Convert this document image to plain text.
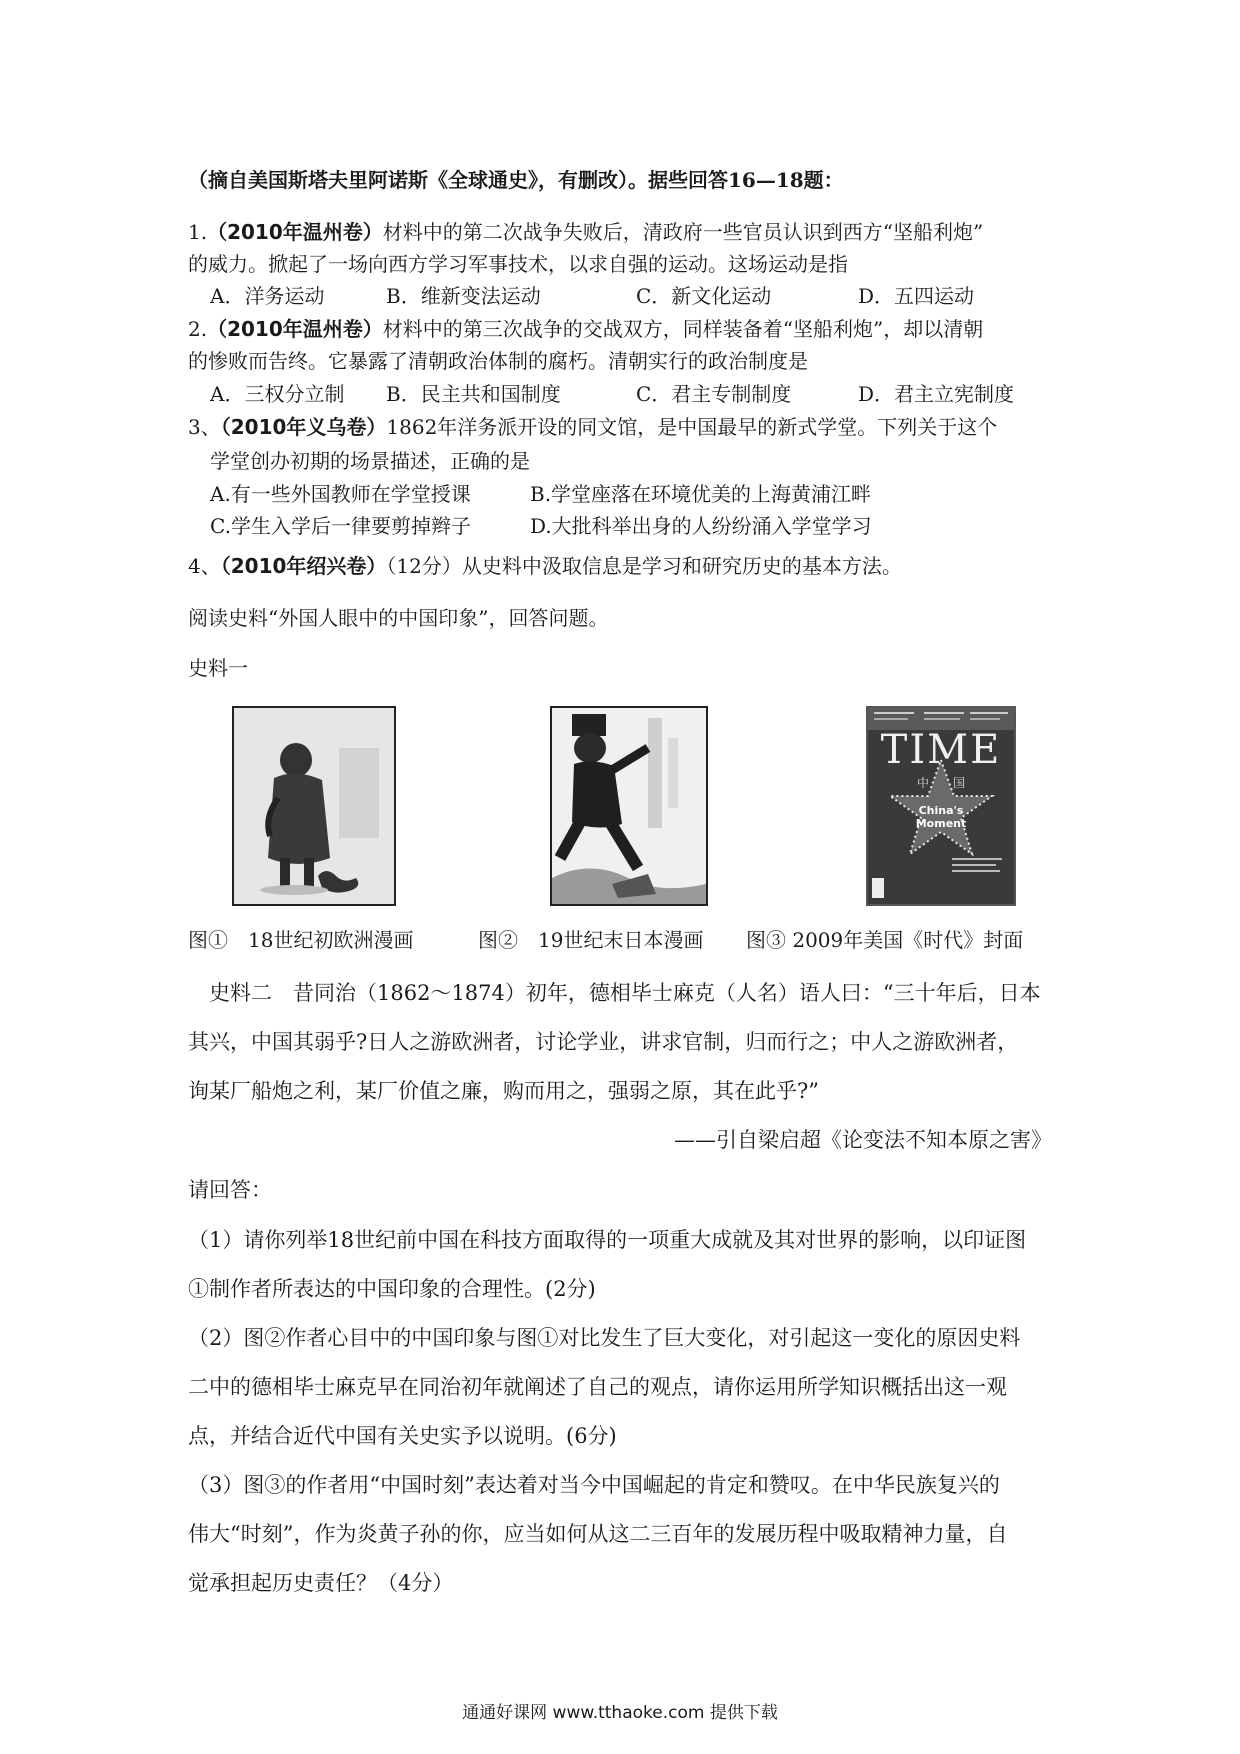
（摘自美国斯塔夫里阿诺斯《全球通史》，有删改）。据些回答16—18题：
1.（2010年温州卷）材料中的第二次战争失败后，清政府一些官员认识到西方“坚船利炮”
的威力。掀起了一场向西方学习军事技术，以求自强的运动。这场运动是指
A．洋务运动	B．维新变法运动	C．新文化运动	D．五四运动
2.（2010年温州卷）材料中的第三次战争的交战双方，同样装备着“坚船利炮”，却以清朝
的惨败而告终。它暴露了清朝政治体制的腐朽。清朝实行的政治制度是
A．三权分立制 B．民主共和国制度	C．君主专制制度	D．君主立宪制度
3、（2010年义乌卷）1862年洋务派开设的同文馆，是中国最早的新式学堂。下列关于这个
学堂创办初期的场景描述，正确的是
A.有一些外国教师在学堂授课	B.学堂座落在环境优美的上海黄浦江畔
C.学生入学后一律要剪掉辫子	D.大批科举出身的人纷纷涌入学堂学习
4、（2010年绍兴卷）（12分）从史料中汲取信息是学习和研究历史的基本方法。
阅读史料“外国人眼中的中国印象”，回答问题。
史料一
TIME
中　　国
China's
Moment
图①　18世纪初欧洲漫画	图②　19世纪末日本漫画 图③ 2009年美国《时代》封面
　史料二　昔同治（1862～1874）初年，德相毕士麻克（人名）语人曰：“三十年后，日本
其兴，中国其弱乎?日人之游欧洲者，讨论学业，讲求官制，归而行之；中人之游欧洲者，
询某厂船炮之利，某厂价值之廉，购而用之，强弱之原，其在此乎?”
——引自梁启超《论变法不知本原之害》
请回答：
（1）请你列举18世纪前中国在科技方面取得的一项重大成就及其对世界的影响，以印证图
①制作者所表达的中国印象的合理性。(2分)
（2）图②作者心目中的中国印象与图①对比发生了巨大变化，对引起这一变化的原因史料
二中的德相毕士麻克早在同治初年就阐述了自己的观点，请你运用所学知识概括出这一观
点，并结合近代中国有关史实予以说明。(6分)
（3）图③的作者用“中国时刻”表达着对当今中国崛起的肯定和赞叹。在中华民族复兴的
伟大“时刻”，作为炎黄子孙的你，应当如何从这二三百年的发展历程中吸取精神力量，自
觉承担起历史责任？（4分）
通通好课网 www.tthaoke.com 提供下载
